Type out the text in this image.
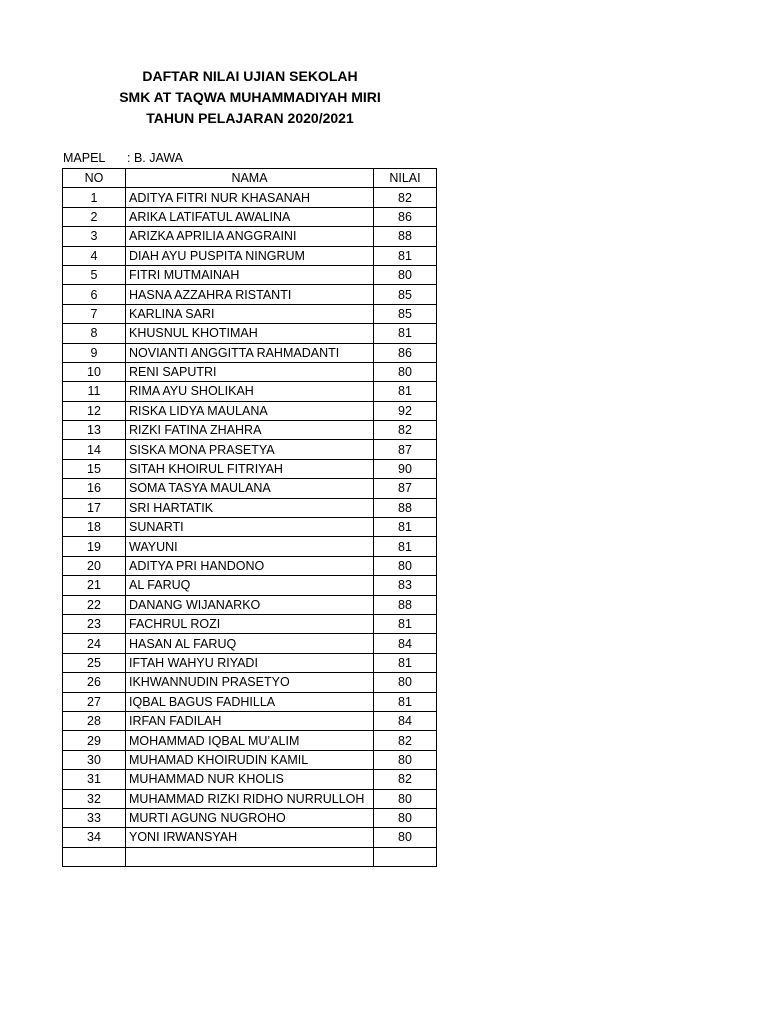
DAFTAR NILAI UJIAN SEKOLAH
SMK AT TAQWA MUHAMMADIYAH MIRI
TAHUN PELAJARAN 2020/2021
MAPEL : B. JAWA
NO	NAMA	NILAI
1	ADITYA FITRI NUR KHASANAH	82
2	ARIKA LATIFATUL AWALINA	86
3	ARIZKA APRILIA ANGGRAINI	88
4	DIAH AYU PUSPITA NINGRUM	81
5	FITRI MUTMAINAH	80
6	HASNA AZZAHRA RISTANTI	85
7	KARLINA SARI	85
8	KHUSNUL KHOTIMAH	81
9	NOVIANTI ANGGITTA RAHMADANTI	86
10	RENI SAPUTRI	80
11	RIMA AYU SHOLIKAH	81
12	RISKA LIDYA MAULANA	92
13	RIZKI FATINA ZHAHRA	82
14	SISKA MONA PRASETYA	87
15	SITAH KHOIRUL FITRIYAH	90
16	SOMA TASYA MAULANA	87
17	SRI HARTATIK	88
18	SUNARTI	81
19	WAYUNI	81
20	ADITYA PRI HANDONO	80
21	AL FARUQ	83
22	DANANG WIJANARKO	88
23	FACHRUL ROZI	81
24	HASAN AL FARUQ	84
25	IFTAH WAHYU RIYADI	81
26	IKHWANNUDIN PRASETYO	80
27	IQBAL BAGUS FADHILLA	81
28	IRFAN FADILAH	84
29	MOHAMMAD IQBAL MU’ALIM	82
30	MUHAMAD KHOIRUDIN KAMIL	80
31	MUHAMMAD NUR KHOLIS	82
32	MUHAMMAD RIZKI RIDHO NURRULLOH	80
33	MURTI AGUNG NUGROHO	80
34	YONI IRWANSYAH	80
